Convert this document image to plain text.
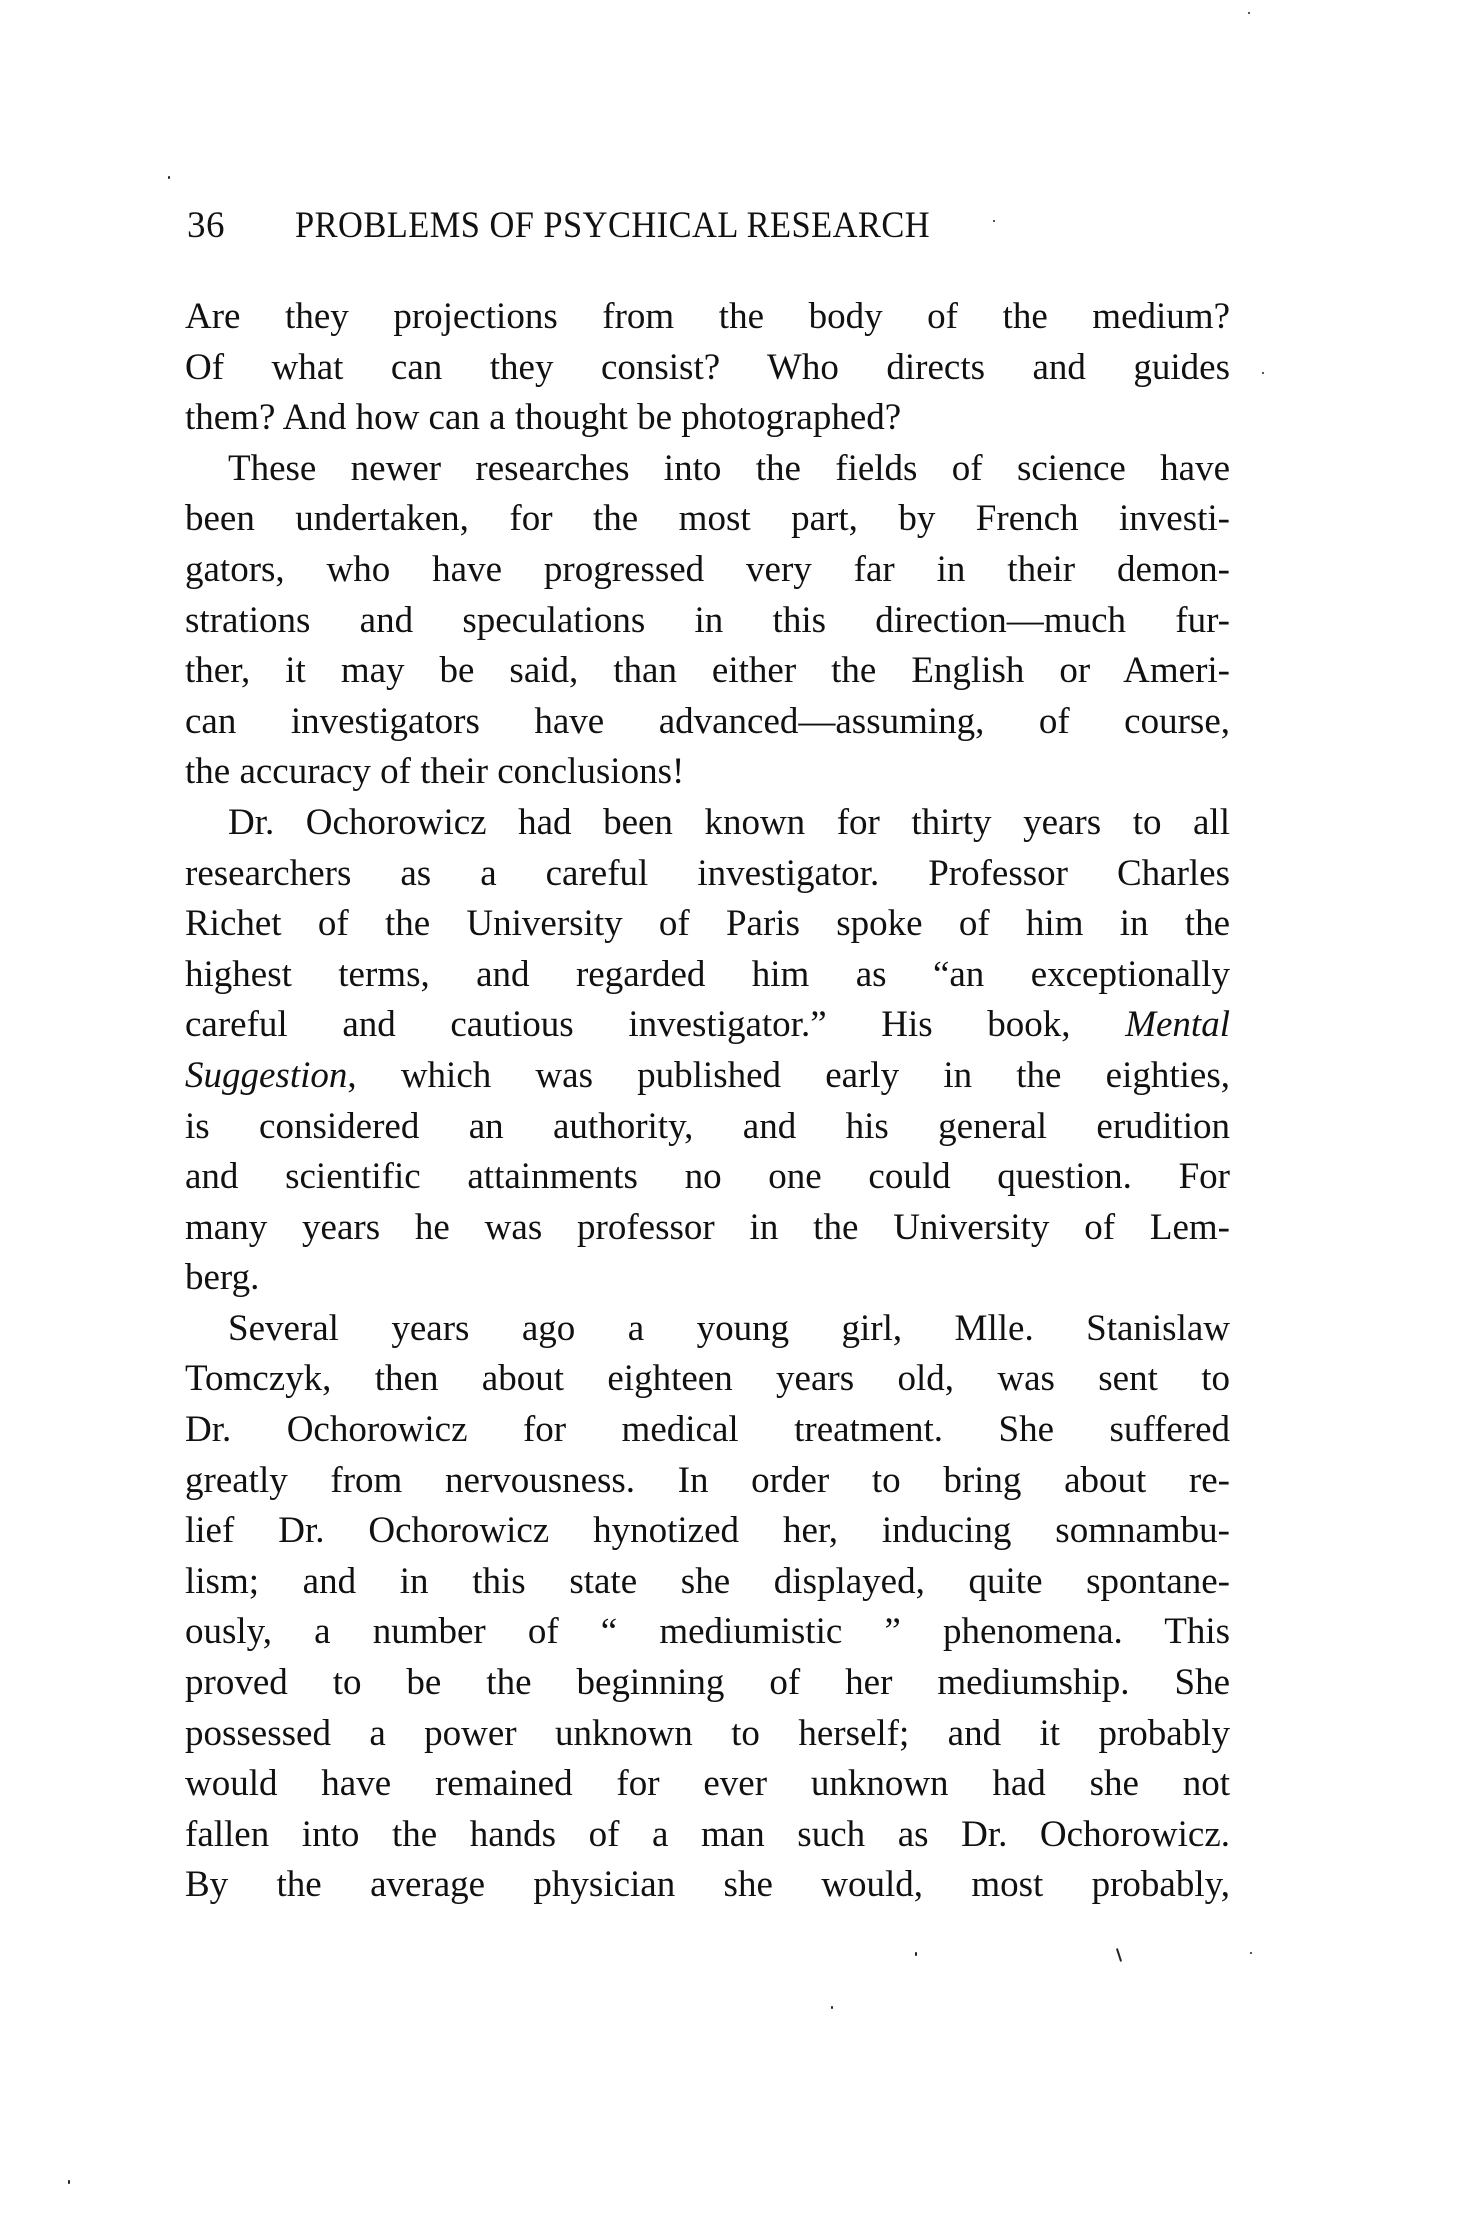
36 PROBLEMS OF PSYCHICAL RESEARCH
Are they projections from the body of the medium?
Of what can they consist? Who directs and guides
them? And how can a thought be photographed?
These newer researches into the fields of science have
been undertaken, for the most part, by French investi-
gators, who have progressed very far in their demon-
strations and speculations in this direction—much fur-
ther, it may be said, than either the English or Ameri-
can investigators have advanced—assuming, of course,
the accuracy of their conclusions!
Dr. Ochorowicz had been known for thirty years to all
researchers as a careful investigator. Professor Charles
Richet of the University of Paris spoke of him in the
highest terms, and regarded him as “an exceptionally
careful and cautious investigator.” His book, Mental
Suggestion, which was published early in the eighties,
is considered an authority, and his general erudition
and scientific attainments no one could question. For
many years he was professor in the University of Lem-
berg.
Several years ago a young girl, Mlle. Stanislaw
Tomczyk, then about eighteen years old, was sent to
Dr. Ochorowicz for medical treatment. She suffered
greatly from nervousness. In order to bring about re-
lief Dr. Ochorowicz hynotized her, inducing somnambu-
lism; and in this state she displayed, quite spontane-
ously, a number of “ mediumistic ” phenomena. This
proved to be the beginning of her mediumship. She
possessed a power unknown to herself; and it probably
would have remained for ever unknown had she not
fallen into the hands of a man such as Dr. Ochorowicz.
By the average physician she would, most probably,
